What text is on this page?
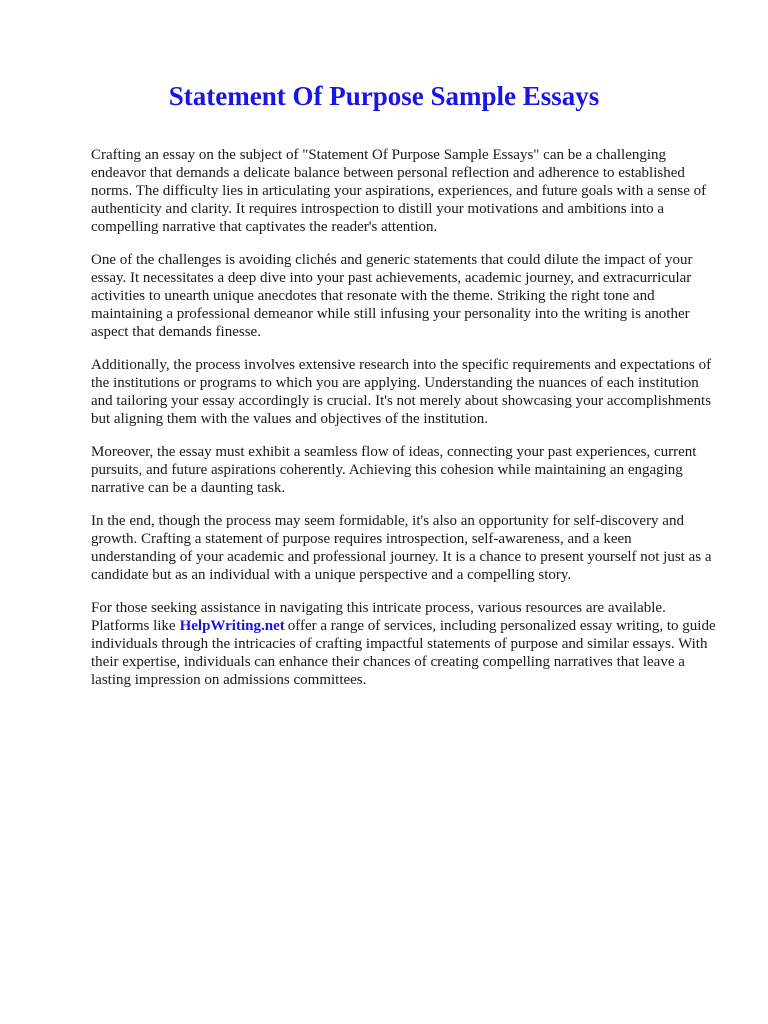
Statement Of Purpose Sample Essays

Crafting an essay on the subject of "Statement Of Purpose Sample Essays" can be a challenging endeavor that demands a delicate balance between personal reflection and adherence to established norms. The difficulty lies in articulating your aspirations, experiences, and future goals with a sense of authenticity and clarity. It requires introspection to distill your motivations and ambitions into a compelling narrative that captivates the reader's attention.

One of the challenges is avoiding clichés and generic statements that could dilute the impact of your essay. It necessitates a deep dive into your past achievements, academic journey, and extracurricular activities to unearth unique anecdotes that resonate with the theme. Striking the right tone and maintaining a professional demeanor while still infusing your personality into the writing is another aspect that demands finesse.

Additionally, the process involves extensive research into the specific requirements and expectations of the institutions or programs to which you are applying. Understanding the nuances of each institution and tailoring your essay accordingly is crucial. It's not merely about showcasing your accomplishments but aligning them with the values and objectives of the institution.

Moreover, the essay must exhibit a seamless flow of ideas, connecting your past experiences, current pursuits, and future aspirations coherently. Achieving this cohesion while maintaining an engaging narrative can be a daunting task.

In the end, though the process may seem formidable, it's also an opportunity for self-discovery and growth. Crafting a statement of purpose requires introspection, self-awareness, and a keen understanding of your academic and professional journey. It is a chance to present yourself not just as a candidate but as an individual with a unique perspective and a compelling story.

For those seeking assistance in navigating this intricate process, various resources are available. Platforms like HelpWriting.net offer a range of services, including personalized essay writing, to guide individuals through the intricacies of crafting impactful statements of purpose and similar essays. With their expertise, individuals can enhance their chances of creating compelling narratives that leave a lasting impression on admissions committees.
